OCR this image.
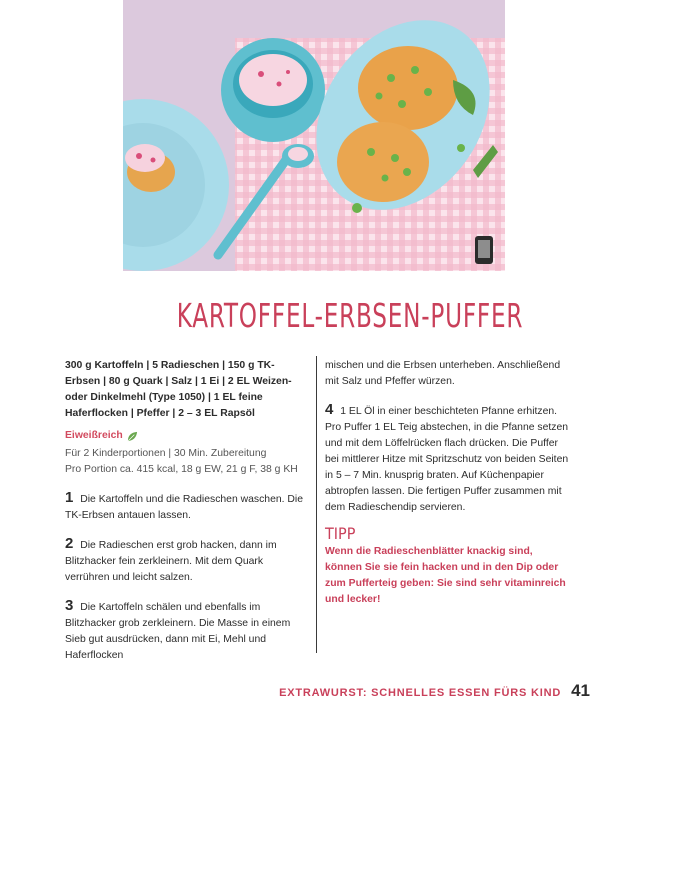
KARTOFFEL-ERBSEN-PUFFER
300 g Kartoffeln | 5 Radieschen | 150 g TK-Erbsen | 80 g Quark | Salz | 1 Ei | 2 EL Weizen- oder Dinkelmehl (Type 1050) | 1 EL feine Haferflocken | Pfeffer | 2 – 3 EL Rapsöl
Eiweißreich
Für 2 Kinderportionen | 30 Min. Zubereitung
Pro Portion ca. 415 kcal, 18 g EW, 21 g F, 38 g KH
1 Die Kartoffeln und die Radieschen waschen. Die TK-Erbsen antauen lassen.
2 Die Radieschen erst grob hacken, dann im Blitzhacker fein zerkleinern. Mit dem Quark verrühren und leicht salzen.
3 Die Kartoffeln schälen und ebenfalls im Blitzhacker grob zerkleinern. Die Masse in einem Sieb gut ausdrücken, dann mit Ei, Mehl und Haferflocken
mischen und die Erbsen unterheben. Anschließend mit Salz und Pfeffer würzen.
4 1 EL Öl in einer beschichteten Pfanne erhitzen. Pro Puffer 1 EL Teig abstechen, in die Pfanne setzen und mit dem Löffelrücken flach drücken. Die Puffer bei mittlerer Hitze mit Spritzschutz von beiden Seiten in 5 – 7 Min. knusprig braten. Auf Küchenpapier abtropfen lassen. Die fertigen Puffer zusammen mit dem Radieschendip servieren.
TIPP
Wenn die Radieschenblätter knackig sind, können Sie sie fein hacken und in den Dip oder zum Pufferteig geben: Sie sind sehr vitaminreich und lecker!
EXTRAWURST: SCHNELLES ESSEN FÜRS KIND 41
